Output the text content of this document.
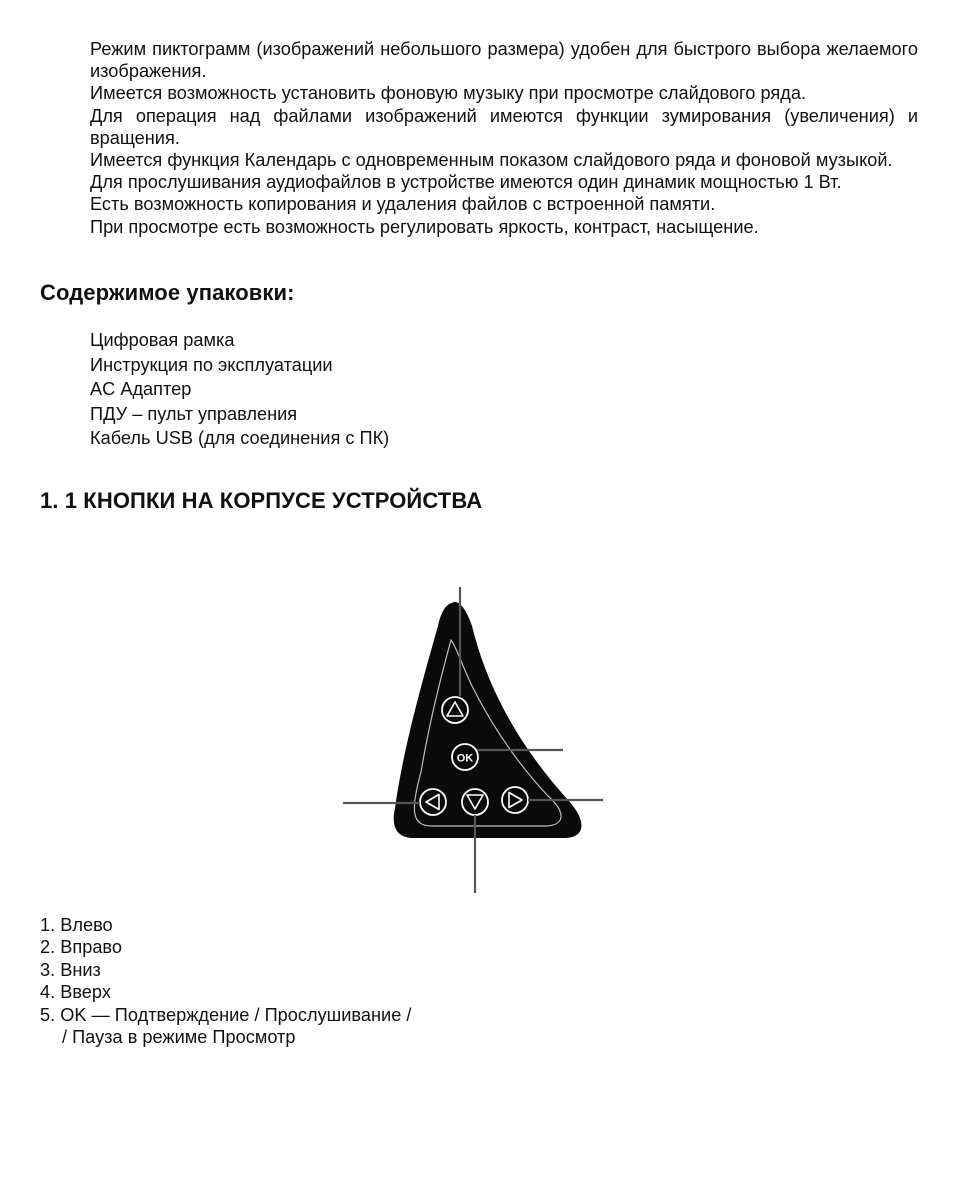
Режим пиктограмм (изображений небольшого размера) удобен для быстрого выбора желаемого изображения.

Имеется возможность установить фоновую музыку при просмотре слайдового ряда.

Для операция над файлами изображений имеются функции зумирования (увеличения) и вращения.

Имеется функция Календарь с одновременным показом слайдового ряда и фоновой музыкой.

Для прослушивания аудиофайлов в устройстве имеются один динамик мощностью 1 Вт.

Есть возможность копирования и удаления файлов с встроенной памяти.

При просмотре есть возможность регулировать яркость, контраст, насыщение.

Содержимое упаковки:
Цифровая рамка
Инструкция по эксплуатации
AC Адаптер
ПДУ – пульт управления
Кабель USB (для соединения с ПК)
1. 1 КНОПКИ НА КОРПУСЕ УСТРОЙСТВА
OK
1. Влево
2. Вправо
3. Вниз
4. Вверх
5. OK — Подтверждение / Прослушивание /
/ Пауза в режиме Просмотр
